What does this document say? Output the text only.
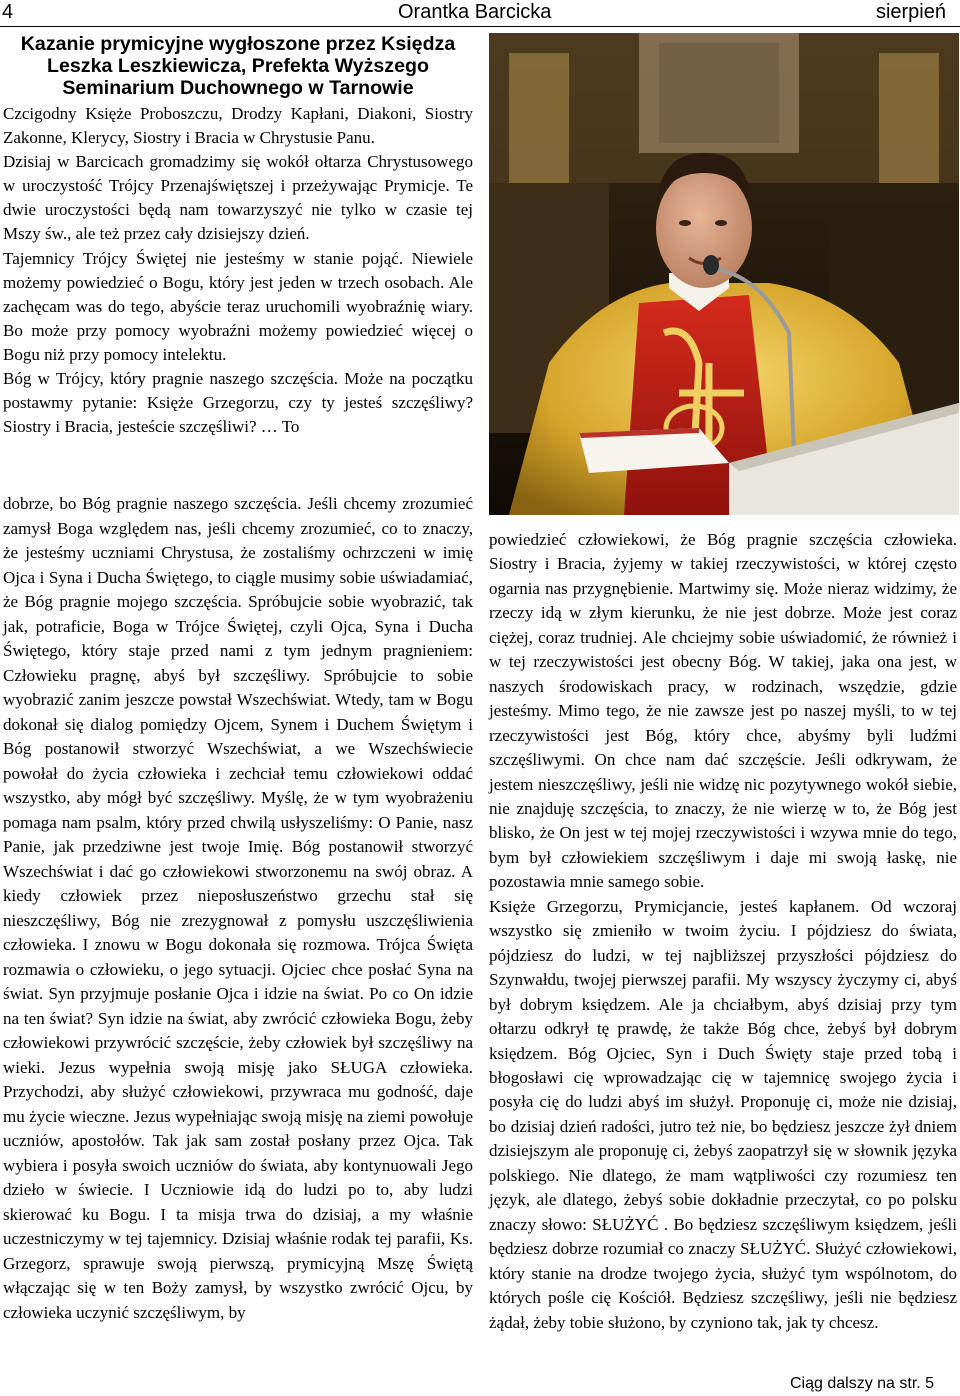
4	Orantka Barcicka	sierpień
Kazanie prymicyjne wygłoszone przez Księdza Leszka Leszkiewicza, Prefekta Wyższego Seminarium Duchownego w Tarnowie

Czcigodny Księże Proboszczu, Drodzy Kapłani, Diakoni, Siostry Zakonne, Klerycy, Siostry i Bracia w Chrystusie Panu.

Dzisiaj w Barcicach gromadzimy się wokół ołtarza Chrystusowego w uroczystość Trójcy Przenajświętszej i przeżywając Prymicje. Te dwie uroczystości będą nam towarzyszyć nie tylko w czasie tej Mszy św., ale też przez cały dzisiejszy dzień.

Tajemnicy Trójcy Świętej nie jesteśmy w stanie pojąć. Niewiele możemy powiedzieć o Bogu, który jest jeden w trzech osobach. Ale zachęcam was do tego, abyście teraz uruchomili wyobraźnię wiary. Bo może przy pomocy wyobraźni możemy powiedzieć więcej o Bogu niż przy pomocy intelektu.

Bóg w Trójcy, który pragnie naszego szczęścia. Może na początku postawmy pytanie: Księże Grzegorzu, czy ty jesteś szczęśliwy? Siostry i Bracia, jesteście szczęśliwi? … To

dobrze, bo Bóg pragnie naszego szczęścia. Jeśli chcemy zrozumieć zamysł Boga względem nas, jeśli chcemy zrozumieć, co to znaczy, że jesteśmy uczniami Chrystusa, że zostaliśmy ochrzczeni w imię Ojca i Syna i Ducha Świętego, to ciągle musimy sobie uświadamiać, że Bóg pragnie mojego szczęścia. Spróbujcie sobie wyobrazić, tak jak, potraficie, Boga w Trójce Świętej, czyli Ojca, Syna i Ducha Świętego, który staje przed nami z tym jednym pragnieniem: Człowieku pragnę, abyś był szczęśliwy. Spróbujcie to sobie wyobrazić zanim jeszcze powstał Wszechświat. Wtedy, tam w Bogu dokonał się dialog pomiędzy Ojcem, Synem i Duchem Świętym i Bóg postanowił stworzyć Wszechświat, a we Wszechświecie powołał do życia człowieka i zechciał temu człowiekowi oddać wszystko, aby mógł być szczęśliwy. Myślę, że w tym wyobrażeniu pomaga nam psalm, który przed chwilą usłyszeliśmy: O Panie, nasz Panie, jak przedziwne jest twoje Imię. Bóg postanowił stworzyć Wszechświat i dać go człowiekowi stworzonemu na swój obraz. A kiedy człowiek przez nieposłuszeństwo grzechu stał się nieszczęśliwy, Bóg nie zrezygnował z pomysłu uszczęśliwienia człowieka. I znowu w Bogu dokonała się rozmowa. Trójca Święta rozmawia o człowieku, o jego sytuacji. Ojciec chce posłać Syna na świat. Syn przyjmuje posłanie Ojca i idzie na świat. Po co On idzie na ten świat? Syn idzie na świat, aby zwrócić człowieka Bogu, żeby człowiekowi przywrócić szczęście, żeby człowiek był szczęśliwy na wieki. Jezus wypełnia swoją misję jako SŁUGA człowieka. Przychodzi, aby służyć człowiekowi, przywraca mu godność, daje mu życie wieczne. Jezus wypełniając swoją misję na ziemi powołuje uczniów, apostołów. Tak jak sam został posłany przez Ojca. Tak wybiera i posyła swoich uczniów do świata, aby kontynuowali Jego dzieło w świecie. I Uczniowie idą do ludzi po to, aby ludzi skierować ku Bogu. I ta misja trwa do dzisiaj, a my właśnie uczestniczymy w tej tajemnicy. Dzisiaj właśnie rodak tej parafii, Ks. Grzegorz, sprawuje swoją pierwszą, prymicyjną Mszę Świętą włączając się w ten Boży zamysł, by wszystko zwrócić Ojcu, by człowieka uczynić szczęśliwym, by

powiedzieć człowiekowi, że Bóg pragnie szczęścia człowieka. Siostry i Bracia, żyjemy w takiej rzeczywistości, w której często ogarnia nas przygnębienie. Martwimy się. Może nieraz widzimy, że rzeczy idą w złym kierunku, że nie jest dobrze. Może jest coraz ciężej, coraz trudniej. Ale chciejmy sobie uświadomić, że również i w tej rzeczywistości jest obecny Bóg. W takiej, jaka ona jest, w naszych środowiskach pracy, w rodzinach, wszędzie, gdzie jesteśmy. Mimo tego, że nie zawsze jest po naszej myśli, to w tej rzeczywistości jest Bóg, który chce, abyśmy byli ludźmi szczęśliwymi. On chce nam dać szczęście. Jeśli odkrywam, że jestem nieszczęśliwy, jeśli nie widzę nic pozytywnego wokół siebie, nie znajduję szczęścia, to znaczy, że nie wierzę w to, że Bóg jest blisko, że On jest w tej mojej rzeczywistości i wzywa mnie do tego, bym był człowiekiem szczęśliwym i daje mi swoją łaskę, nie pozostawia mnie samego sobie.

Księże Grzegorzu, Prymicjancie, jesteś kapłanem. Od wczoraj wszystko się zmieniło w twoim życiu. I pójdziesz do świata, pójdziesz do ludzi, w tej najbliższej przyszłości pójdziesz do Szynwałdu, twojej pierwszej parafii. My wszyscy życzymy ci, abyś był dobrym księdzem. Ale ja chciałbym, abyś dzisiaj przy tym ołtarzu odkrył tę prawdę, że także Bóg chce, żebyś był dobrym księdzem. Bóg Ojciec, Syn i Duch Święty staje przed tobą i błogosławi cię wprowadzając cię w tajemnicę swojego życia i posyła cię do ludzi abyś im służył. Proponuję ci, może nie dzisiaj, bo dzisiaj dzień radości, jutro też nie, bo będziesz jeszcze żył dniem dzisiejszym ale proponuję ci, żebyś zaopatrzył się w słownik języka polskiego. Nie dlatego, że mam wątpliwości czy rozumiesz ten język, ale dlatego, żebyś sobie dokładnie przeczytał, co po polsku znaczy słowo: SŁUŻYĆ . Bo będziesz szczęśliwym księdzem, jeśli będziesz dobrze rozumiał co znaczy SŁUŻYĆ. Służyć człowiekowi, który stanie na drodze twojego życia, służyć tym wspólnotom, do których pośle cię Kościół. Będziesz szczęśliwy, jeśli nie będziesz żądał, żeby tobie służono, by czyniono tak, jak ty chcesz.

Ciąg dalszy na str. 5
